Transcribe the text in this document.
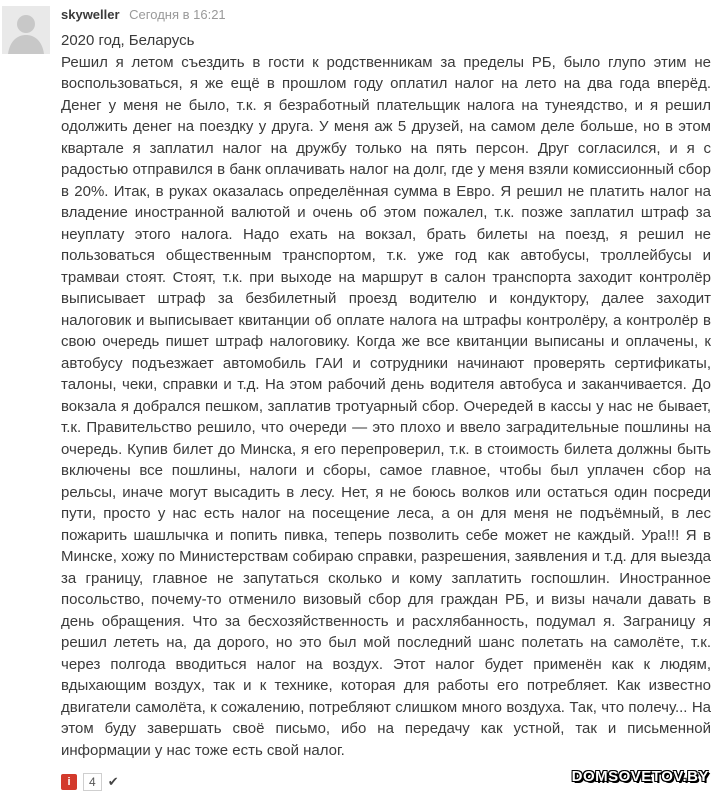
skyweller Сегодня в 16:21
2020 год, Беларусь
Решил я летом съездить в гости к родственникам за пределы РБ, было глупо этим не воспользоваться, я же ещё в прошлом году оплатил налог на лето на два года вперёд. Денег у меня не было, т.к. я безработный плательщик налога на тунеядство, и я решил одолжить денег на поездку у друга. У меня аж 5 друзей, на самом деле больше, но в этом квартале я заплатил налог на дружбу только на пять персон. Друг согласился, и я с радостью отправился в банк оплачивать налог на долг, где у меня взяли комиссионный сбор в 20%. Итак, в руках оказалась определённая сумма в Евро. Я решил не платить налог на владение иностранной валютой и очень об этом пожалел, т.к. позже заплатил штраф за неуплату этого налога. Надо ехать на вокзал, брать билеты на поезд, я решил не пользоваться общественным транспортом, т.к. уже год как автобусы, троллейбусы и трамваи стоят. Стоят, т.к. при выходе на маршрут в салон транспорта заходит контролёр выписывает штраф за безбилетный проезд водителю и кондуктору, далее заходит налоговик и выписывает квитанции об оплате налога на штрафы контролёру, а контролёр в свою очередь пишет штраф налоговику. Когда же все квитанции выписаны и оплачены, к автобусу подъезжает автомобиль ГАИ и сотрудники начинают проверять сертификаты, талоны, чеки, справки и т.д. На этом рабочий день водителя автобуса и заканчивается. До вокзала я добрался пешком, заплатив тротуарный сбор. Очередей в кассы у нас не бывает, т.к. Правительство решило, что очереди — это плохо и ввело заградительные пошлины на очередь. Купив билет до Минска, я его перепроверил, т.к. в стоимость билета должны быть включены все пошлины, налоги и сборы, самое главное, чтобы был уплачен сбор на рельсы, иначе могут высадить в лесу. Нет, я не боюсь волков или остаться один посреди пути, просто у нас есть налог на посещение леса, а он для меня не подъёмный, в лес пожарить шашлычка и попить пивка, теперь позволить себе может не каждый. Ура!!! Я в Минске, хожу по Министерствам собираю справки, разрешения, заявления и т.д. для выезда за границу, главное не запутаться сколько и кому заплатить госпошлин. Иностранное посольство, почему-то отменило визовый сбор для граждан РБ, и визы начали давать в день обращения. Что за бесхозяйственность и расхлябанность, подумал я. Заграницу я решил лететь на, да дорого, но это был мой последний шанс полетать на самолёте, т.к. через полгода вводиться налог на воздух. Этот налог будет применён как к людям, вдыхающим воздух, так и к технике, которая для работы его потребляет. Как известно двигатели самолёта, к сожалению, потребляют слишком много воздуха. Так, что полечу... На этом буду завершать своё письмо, ибо на передачу как устной, так и письменной информации у нас тоже есть свой налог.
i	4 ✔	DOMSOVETOV.BY
